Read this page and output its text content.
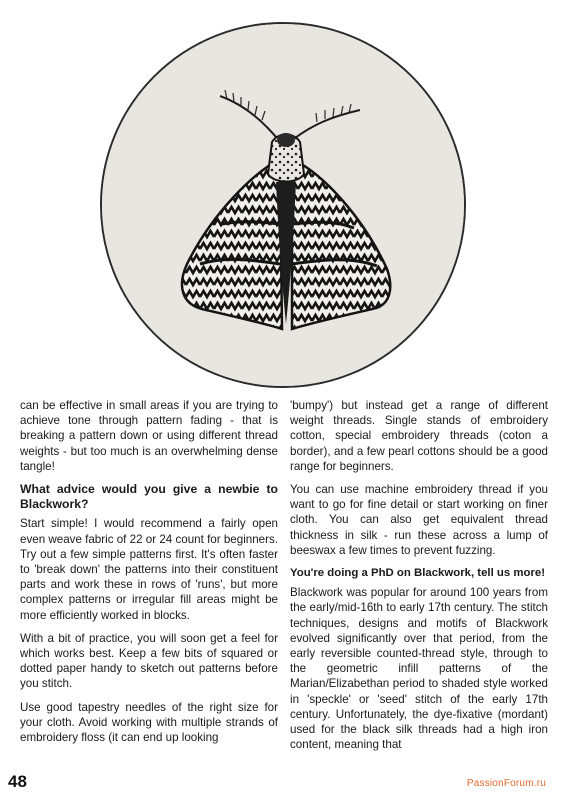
can be effective in small areas if you are trying to achieve tone through pattern fading - that is breaking a pattern down or using different thread weights - but too much is an overwhelming dense tangle!

What advice would you give a newbie to Blackwork?

Start simple! I would recommend a fairly open even weave fabric of 22 or 24 count for beginners. Try out a few simple patterns first. It's often faster to 'break down' the patterns into their constituent parts and work these in rows of 'runs', but more complex patterns or irregular fill areas might be more efficiently worked in blocks.

With a bit of practice, you will soon get a feel for which works best. Keep a few bits of squared or dotted paper handy to sketch out patterns before you stitch.

Use good tapestry needles of the right size for your cloth. Avoid working with multiple strands of embroidery floss (it can end up looking

'bumpy') but instead get a range of different weight threads. Single stands of embroidery cotton, special embroidery threads (coton a border), and a few pearl cottons should be a good range for beginners.

You can use machine embroidery thread if you want to go for fine detail or start working on finer cloth. You can also get equivalent thread thickness in silk - run these across a lump of beeswax a few times to prevent fuzzing.

You're doing a PhD on Blackwork, tell us more!

Blackwork was popular for around 100 years from the early/mid-16th to early 17th century. The stitch techniques, designs and motifs of Blackwork evolved significantly over that period, from the early reversible counted-thread style, through to the geometric infill patterns of the Marian/Elizabethan period to shaded style worked in 'speckle' or 'seed' stitch of the early 17th century. Unfortunately, the dye-fixative (mordant) used for the black silk threads had a high iron content, meaning that

48	PassionForum.ru
